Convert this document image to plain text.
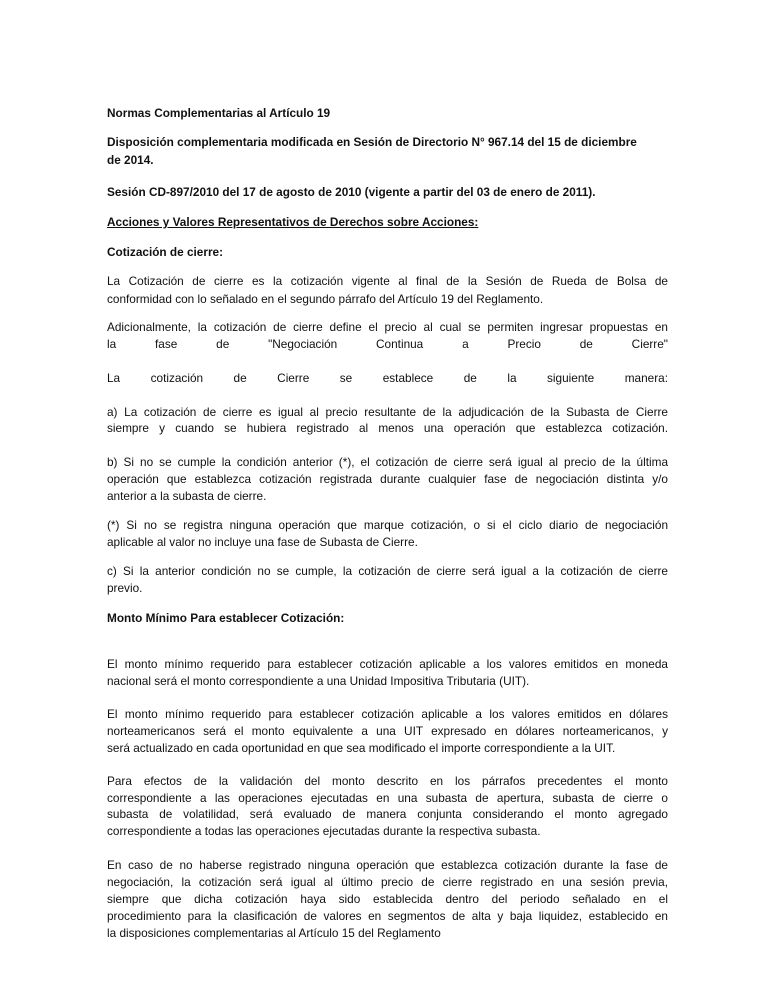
Normas Complementarias al Artículo 19
Disposición complementaria modificada en Sesión de Directorio N° 967.14 del 15 de diciembre
de 2014.
Sesión CD-897/2010 del 17 de agosto de 2010 (vigente a partir del 03 de enero de 2011).
Acciones y Valores Representativos de Derechos sobre Acciones:
Cotización de cierre:
La Cotización de cierre es la cotización vigente al final de la Sesión de Rueda de Bolsa de
conformidad con lo señalado en el segundo párrafo del Artículo 19 del Reglamento.
Adicionalmente, la cotización de cierre define el precio al cual se permiten ingresar propuestas en
la fase de "Negociación Continua a Precio de Cierre"
La cotización de Cierre se establece de la siguiente manera:
a) La cotización de cierre es igual al precio resultante de la adjudicación de la Subasta de Cierre
siempre y cuando se hubiera registrado al menos una operación que establezca cotización.
b) Si no se cumple la condición anterior (*), el cotización de cierre será igual al precio de la última
operación que establezca cotización registrada durante cualquier fase de negociación distinta y/o
anterior a la subasta de cierre.
(*) Si no se registra ninguna operación que marque cotización, o si el ciclo diario de negociación
aplicable al valor no incluye una fase de Subasta de Cierre.
c) Si la anterior condición no se cumple, la cotización de cierre será igual a la cotización de cierre
previo.
Monto Mínimo Para establecer Cotización:
El monto mínimo requerido para establecer cotización aplicable a los valores emitidos en moneda
nacional será el monto correspondiente a una Unidad Impositiva Tributaria (UIT).
El monto mínimo requerido para establecer cotización aplicable a los valores emitidos en dólares
norteamericanos será el monto equivalente a una UIT expresado en dólares norteamericanos, y
será actualizado en cada oportunidad en que sea modificado el importe correspondiente a la UIT.
Para efectos de la validación del monto descrito en los párrafos precedentes el monto
correspondiente a las operaciones ejecutadas en una subasta de apertura, subasta de cierre o
subasta de volatilidad, será evaluado de manera conjunta considerando el monto agregado
correspondiente a todas las operaciones ejecutadas durante la respectiva subasta.
En caso de no haberse registrado ninguna operación que establezca cotización durante la fase de
negociación, la cotización será igual al último precio de cierre registrado en una sesión previa,
siempre que dicha cotización haya sido establecida dentro del periodo señalado en el
procedimiento para la clasificación de valores en segmentos de alta y baja liquidez, establecido en
la disposiciones complementarias al Artículo 15 del Reglamento
